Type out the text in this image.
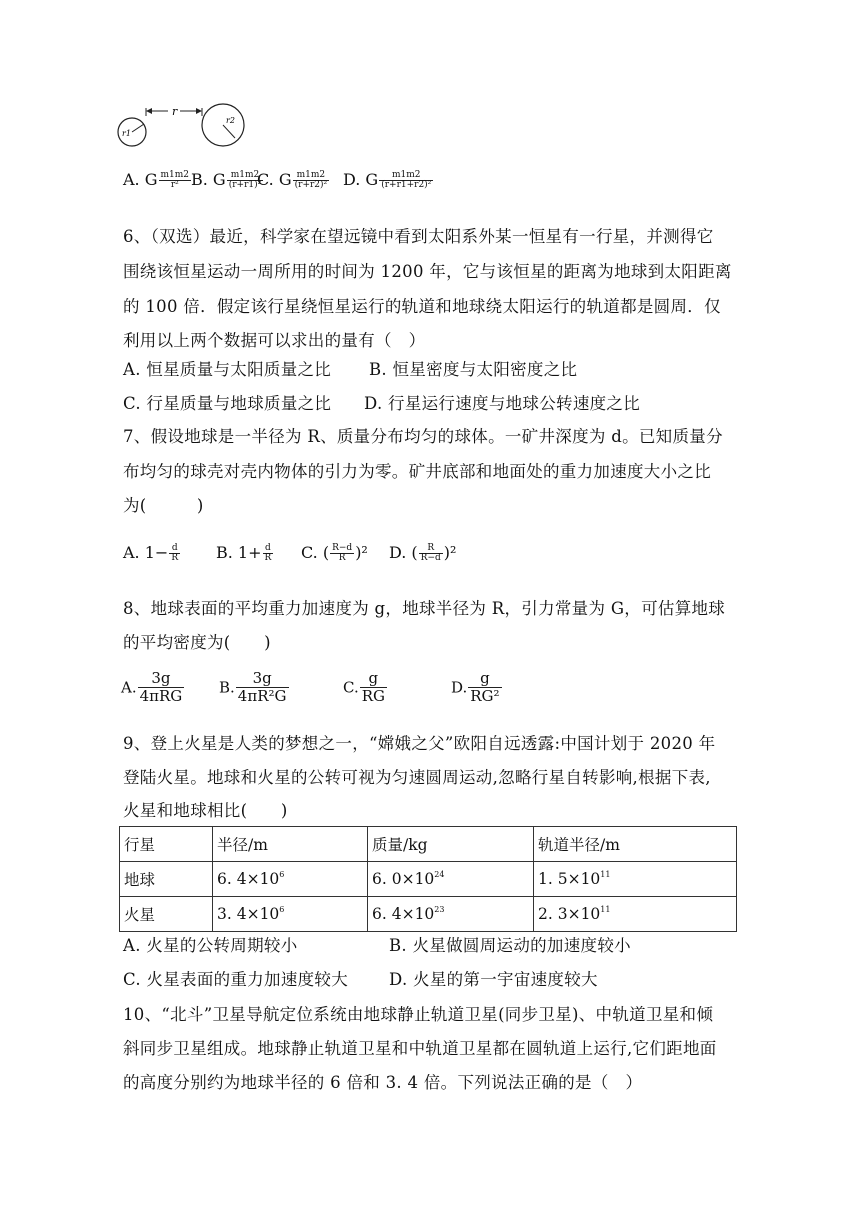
r
r1
r2
A. G $\frac{m1m2}{\text{r²}} B$. G $\frac{m1m2}{\text{(r+r1)²}}$
C. G $\frac{m1m2}{\text{(r+r2)²}} D$. G $\frac{m1m2}{\text{(r+r1+r2)²}}$
6、（双选）最近，科学家在望远镜中看到太阳系外某一恒星有一行星，并测得它
围绕该恒星运动一周所用的时间为 1200 年，它与该恒星的距离为地球到太阳距离
的 100 倍．假定该行星绕恒星运行的轨道和地球绕太阳运行的轨道都是圆周．仅
利用以上两个数据可以求出的量有（　）
A. 恒星质量与太阳质量之比 B. 恒星密度与太阳密度之比
C. 行星质量与地球质量之比 D. 行星运行速度与地球公转速度之比
7、假设地球是一半径为 R、质量分布均匀的球体。一矿井深度为 d。已知质量分
布均匀的球壳对壳内物体的引力为零。矿井底部和地面处的重力加速度大小之比
为(　　　)
A. $1- \frac{d}{R} B$. $1+ \frac{d}{R} C$. ( $\frac{R-d}{R} )^2$ D. ( $\frac{R}{R-d} )^2$
8、地球表面的平均重力加速度为 g，地球半径为 R，引力常量为 G，可估算地球
的平均密度为(　　)
A. $\frac{3g}{\text{4πRG}} B$. $\frac{3g}{\text{4πR²G}}$	C. $\frac{g}{RG}$	D. $\frac{g}{\text{RG²}}$
9、登上火星是人类的梦想之一，“嫦娥之父”欧阳自远透露:中国计划于 2020 年
登陆火星。地球和火星的公转可视为匀速圆周运动,忽略行星自转影响,根据下表,
火星和地球相比(　　)
行星	半径/m	质量/kg	轨道半径/m
地球	6. $4\times 10^6$	6. $0\times 10^{24}$	1. $5\times 10^{11}$
火星	3. $4\times 10^6$	6. $4\times 10^{23}$	2. $3\times 10^{11}$
A. 火星的公转周期较小	B. 火星做圆周运动的加速度较小
C. 火星表面的重力加速度较大 D. 火星的第一宇宙速度较大
10、“北斗”卫星导航定位系统由地球静止轨道卫星(同步卫星)、中轨道卫星和倾
斜同步卫星组成。地球静止轨道卫星和中轨道卫星都在圆轨道上运行,它们距地面
的高度分别约为地球半径的 6 倍和 3. 4 倍。下列说法正确的是（　）
